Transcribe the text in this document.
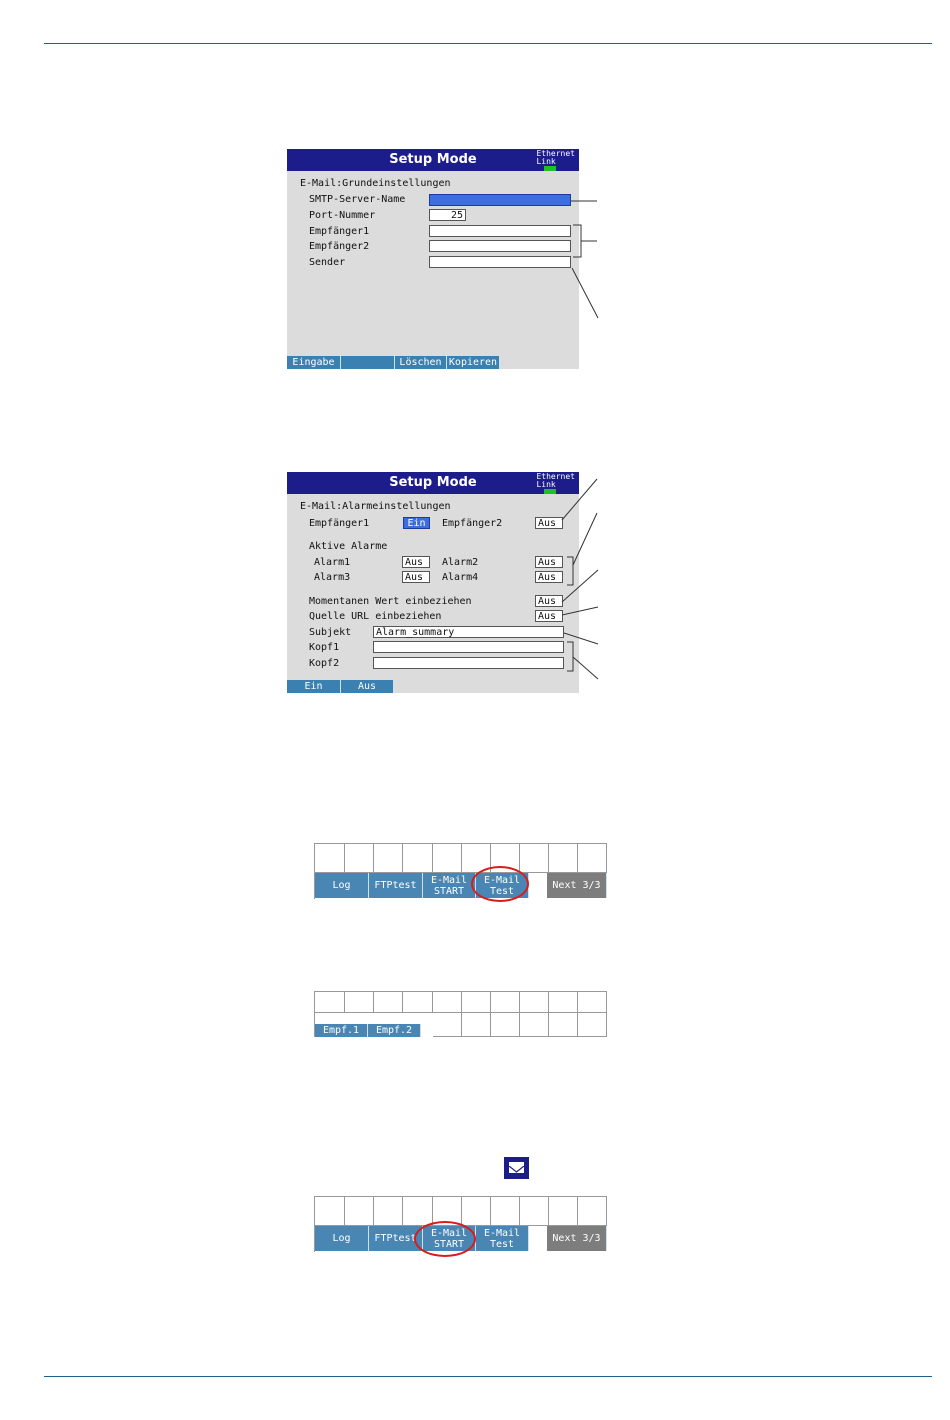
Setup Mode	Ethernet
Link
E-Mail:Grundeinstellungen
SMTP-Server-Name
Port-Nummer	25
Empfänger1
Empfänger2
Sender
Eingabe	Löschen Kopieren
Setup Mode	Ethernet
Link
E-Mail:Alarmeinstellungen
Empfänger1	Ein	Empfänger2	Aus
Aktive Alarme
Alarm1	Aus	Alarm2	Aus
Alarm3	Aus	Alarm4	Aus
Momentanen Wert einbeziehen	Aus
Quelle URL einbeziehen	Aus
Subjekt	Alarm_summary
Kopf1
Kopf2
Ein	Aus
Log	FTPtest	E-Mail
START
E-Mail
Test	Next 3/3
Empf.1	Empf.2
Log	FTPtest	E-Mail
START
E-Mail
Test	Next 3/3
